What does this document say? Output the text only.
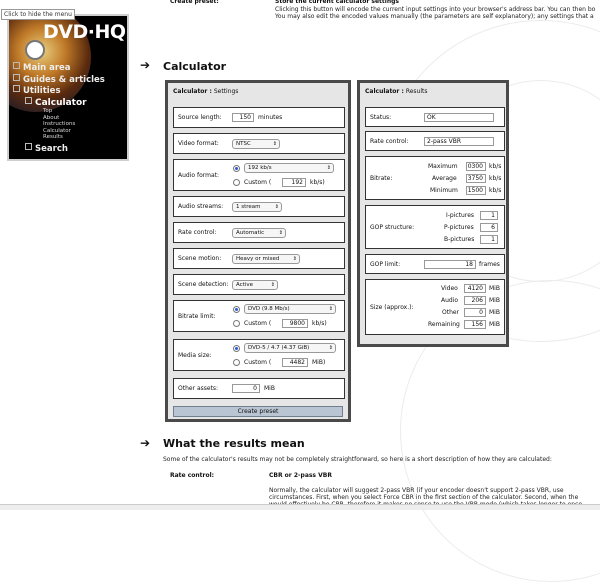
Create preset:	Store the current calculator settings
Clicking this button will encode the current input settings into your browser's address bar. You can then bo
You may also edit the encoded values manually (the parameters are self explanatory); any settings that a
Click to hide the menu
DVD·HQ
Main area
Guides & articles
Utilities
Calculator
Top
About
Instructions
Calculator
Results
Search
➔ Calculator
Calculator : Settings
Source length:	150	minutes
Video format:	NTSC	⇕
Audio format:
192 kb/s	⇕
Custom (	192	kb/s)
Audio streams:	1 stream	⇕
Rate control:	Automatic	⇕
Scene motion:	Heavy or mixed	⇕
Scene detection:	Active	⇕
Bitrate limit:
DVD (9.8 Mb/s)	⇕
Custom (	9800	kb/s)
Media size:
DVD-5 / 4.7 (4.37 GiB)	⇕
Custom (	4482	MiB)
Other assets:	0	MiB
Create preset
Calculator : Results
Status:	OK
Rate control:	2-pass VBR
Bitrate:
Maximum 0300	kb/s
Average 3750	kb/s
Minimum 1500	kb/s
GOP structure:
I-pictures	1
P-pictures	6
B-pictures	1
GOP limit:	18	frames
Size (approx.):
Video	4120	MiB
Audio	206	MiB
Other	0	MiB
Remaining	156	MiB
➔ What the results mean
Some of the calculator's results may not be completely straightforward, so here is a short description of how they are calculated:
Rate control:	CBR or 2-pass VBR
Normally, the calculator will suggest 2-pass VBR (if your encoder doesn't support 2-pass VBR, use
circumstances. First, when you select Force CBR in the first section of the calculator. Second, when the
